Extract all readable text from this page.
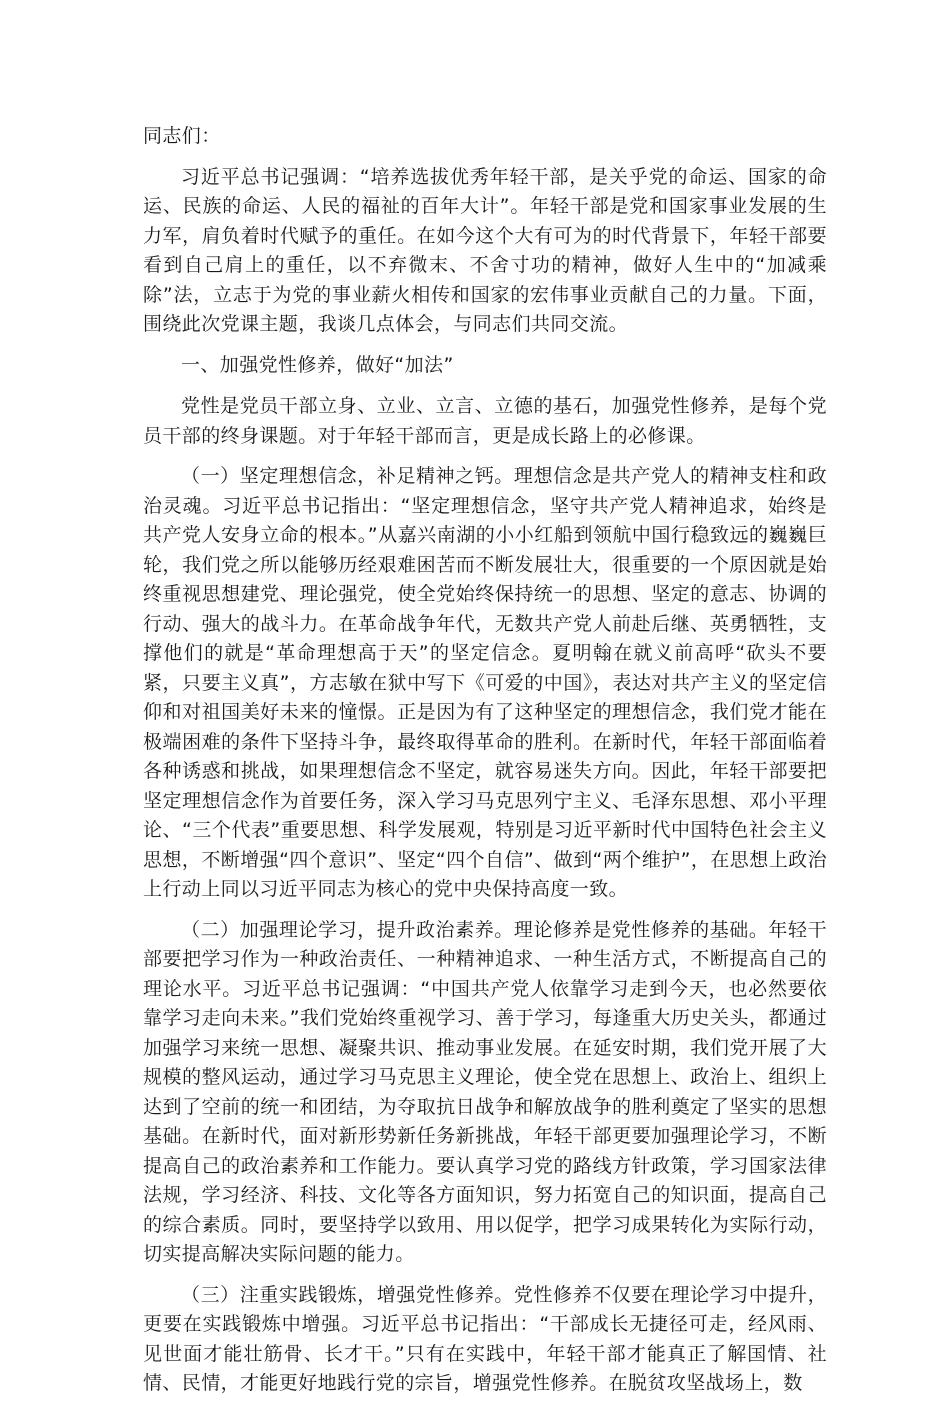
同志们：

习近平总书记强调：“培养选拔优秀年轻干部，是关乎党的命运、国家的命运、民族的命运、人民的福祉的百年大计”。年轻干部是党和国家事业发展的生力军，肩负着时代赋予的重任。在如今这个大有可为的时代背景下，年轻干部要看到自己肩上的重任，以不弃微末、不舍寸功的精神，做好人生中的“加减乘除”法，立志于为党的事业薪火相传和国家的宏伟事业贡献自己的力量。下面，围绕此次党课主题，我谈几点体会，与同志们共同交流。

一、加强党性修养，做好“加法”

党性是党员干部立身、立业、立言、立德的基石，加强党性修养，是每个党员干部的终身课题。对于年轻干部而言，更是成长路上的必修课。

（一）坚定理想信念，补足精神之钙。理想信念是共产党人的精神支柱和政治灵魂。习近平总书记指出：“坚定理想信念，坚守共产党人精神追求，始终是共产党人安身立命的根本。”从嘉兴南湖的小小红船到领航中国行稳致远的巍巍巨轮，我们党之所以能够历经艰难困苦而不断发展壮大，很重要的一个原因就是始终重视思想建党、理论强党，使全党始终保持统一的思想、坚定的意志、协调的行动、强大的战斗力。在革命战争年代，无数共产党人前赴后继、英勇牺牲，支撑他们的就是“革命理想高于天”的坚定信念。夏明翰在就义前高呼“砍头不要紧，只要主义真”，方志敏在狱中写下《可爱的中国》，表达对共产主义的坚定信仰和对祖国美好未来的憧憬。正是因为有了这种坚定的理想信念，我们党才能在极端困难的条件下坚持斗争，最终取得革命的胜利。在新时代，年轻干部面临着各种诱惑和挑战，如果理想信念不坚定，就容易迷失方向。因此，年轻干部要把坚定理想信念作为首要任务，深入学习马克思列宁主义、毛泽东思想、邓小平理论、“三个代表”重要思想、科学发展观，特别是习近平新时代中国特色社会主义思想，不断增强“四个意识”、坚定“四个自信”、做到“两个维护”，在思想上政治上行动上同以习近平同志为核心的党中央保持高度一致。

（二）加强理论学习，提升政治素养。理论修养是党性修养的基础。年轻干部要把学习作为一种政治责任、一种精神追求、一种生活方式，不断提高自己的理论水平。习近平总书记强调：“中国共产党人依靠学习走到今天，也必然要依靠学习走向未来。”我们党始终重视学习、善于学习，每逢重大历史关头，都通过加强学习来统一思想、凝聚共识、推动事业发展。在延安时期，我们党开展了大规模的整风运动，通过学习马克思主义理论，使全党在思想上、政治上、组织上达到了空前的统一和团结，为夺取抗日战争和解放战争的胜利奠定了坚实的思想基础。在新时代，面对新形势新任务新挑战，年轻干部更要加强理论学习，不断提高自己的政治素养和工作能力。要认真学习党的路线方针政策，学习国家法律法规，学习经济、科技、文化等各方面知识，努力拓宽自己的知识面，提高自己的综合素质。同时，要坚持学以致用、用以促学，把学习成果转化为实际行动，切实提高解决实际问题的能力。

（三）注重实践锻炼，增强党性修养。党性修养不仅要在理论学习中提升，更要在实践锻炼中增强。习近平总书记指出：“干部成长无捷径可走，经风雨、见世面才能壮筋骨、长才干。”只有在实践中，年轻干部才能真正了解国情、社情、民情，才能更好地践行党的宗旨，增强党性修养。在脱贫攻坚战场上，数
